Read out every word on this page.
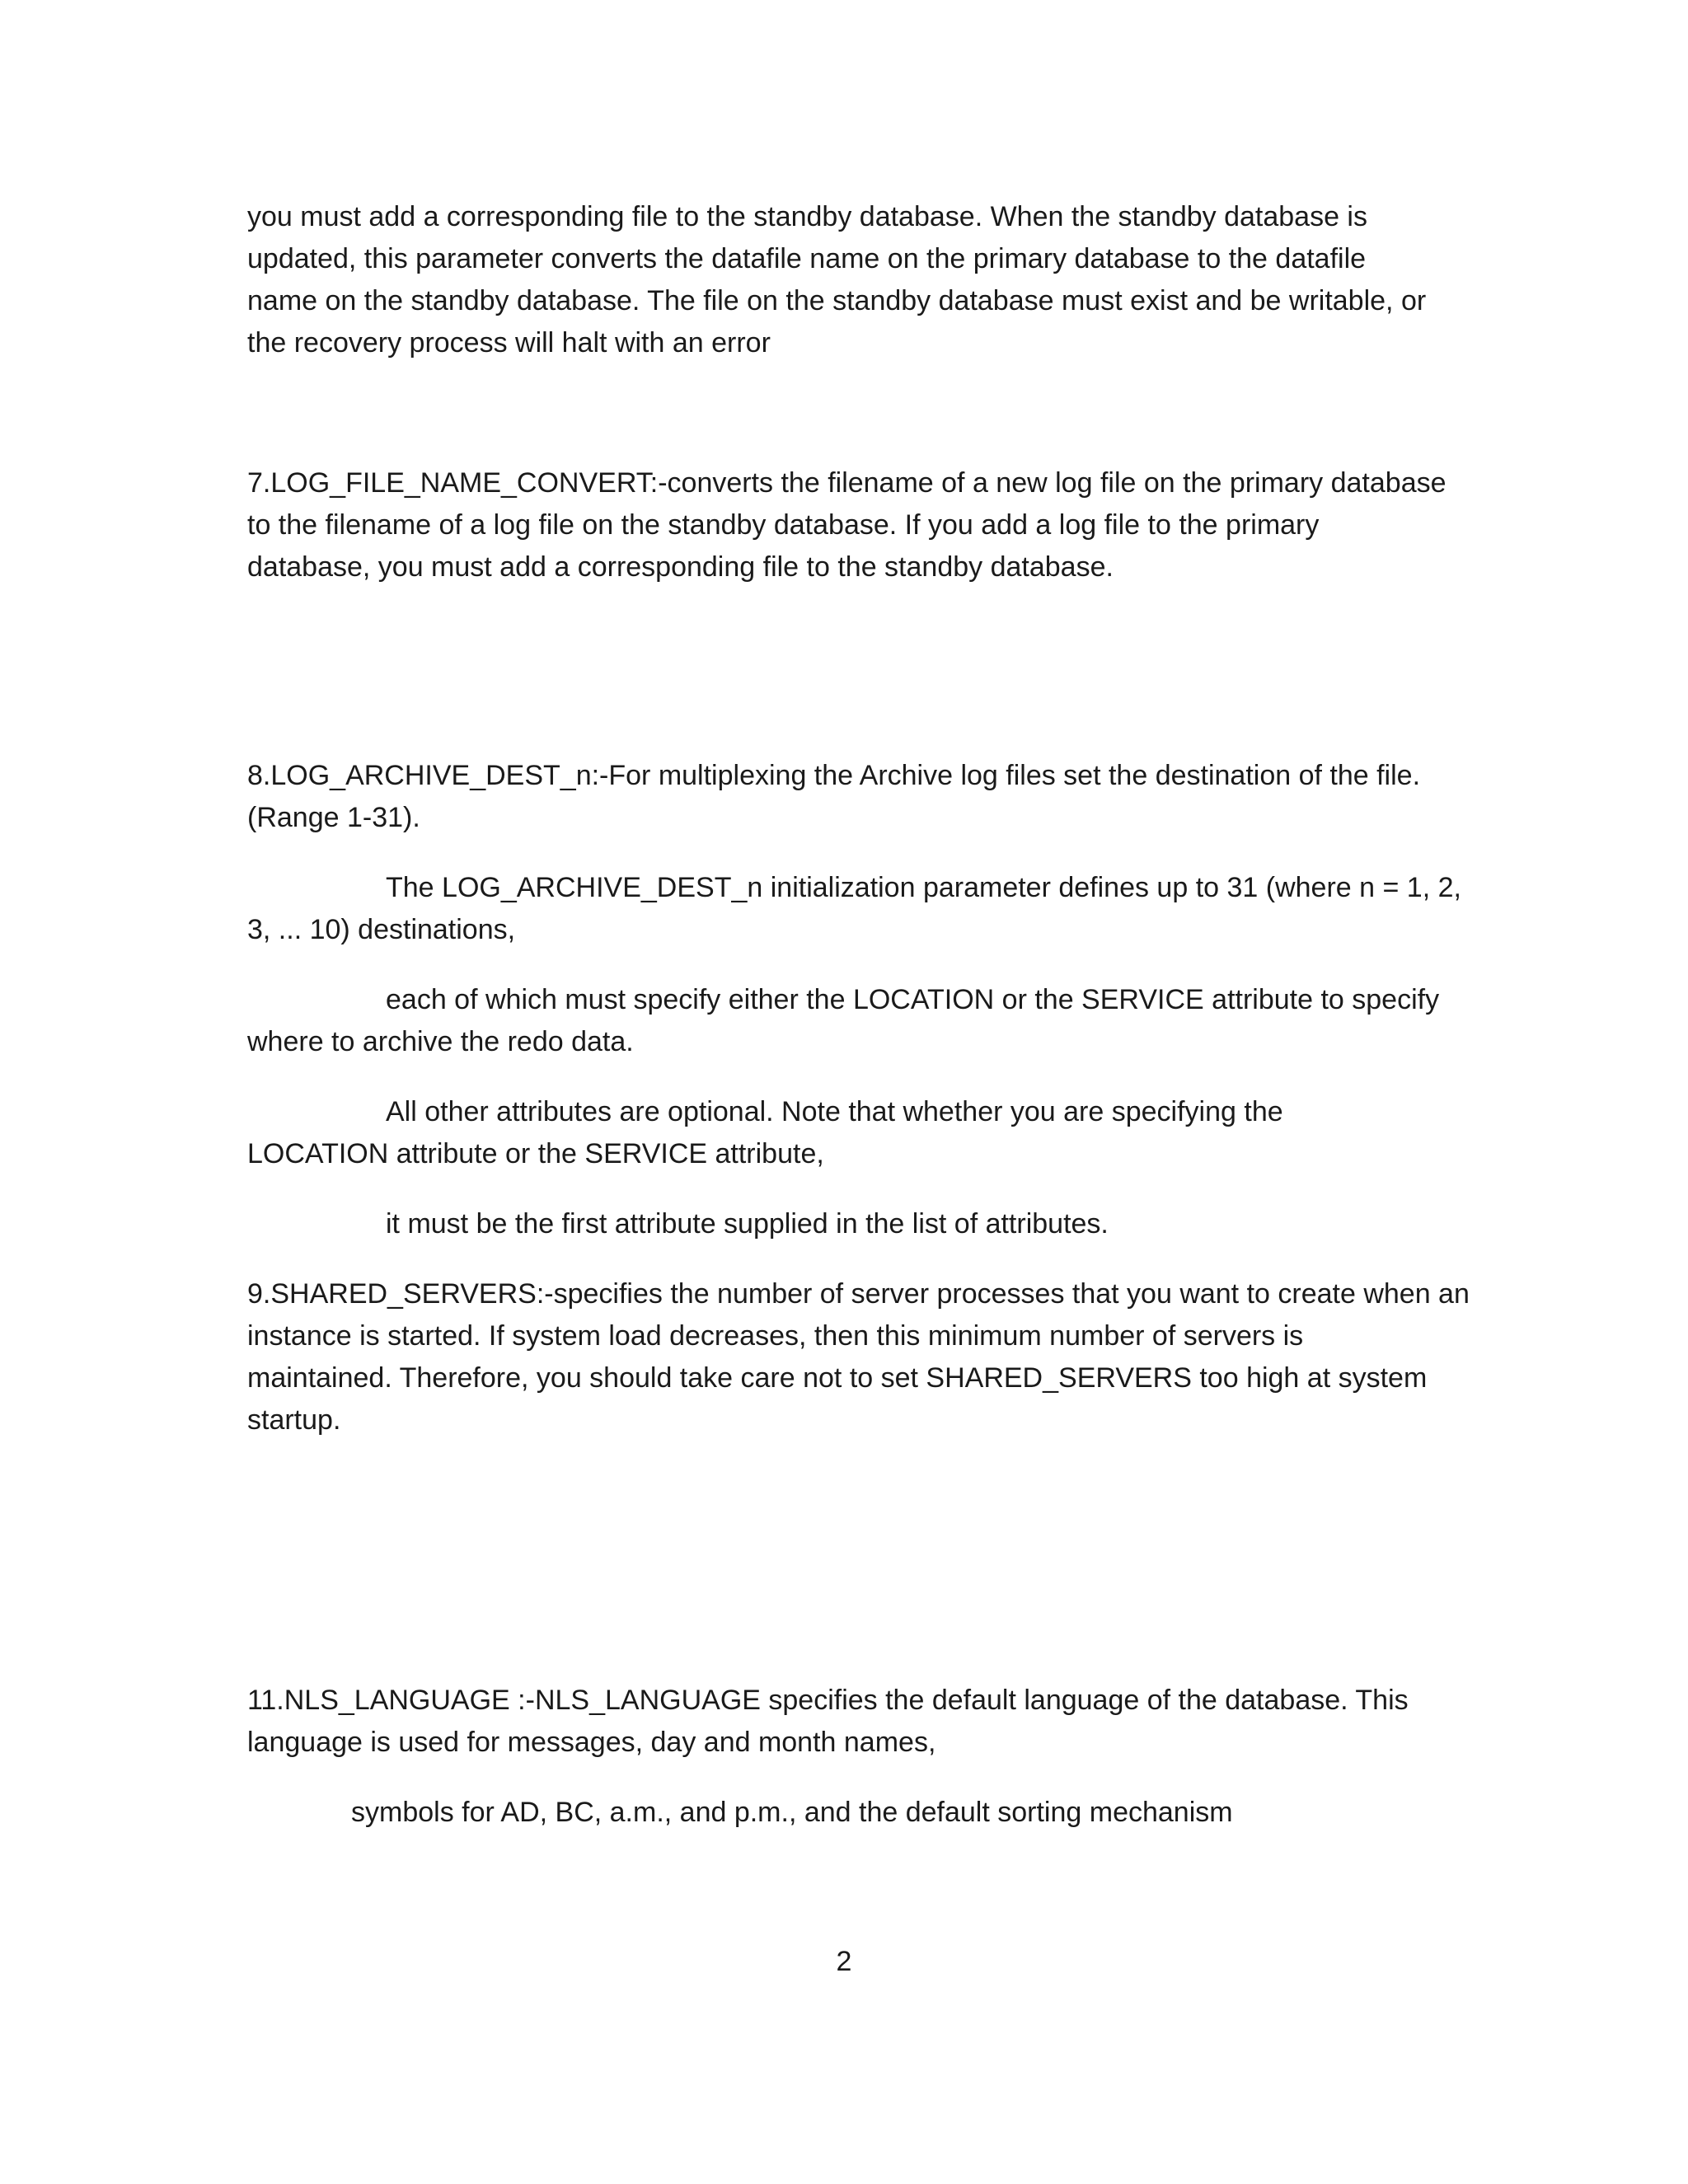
you must add a corresponding file to the standby database. When the standby database is
updated, this parameter converts the datafile name on the primary database to the datafile
name on the standby database. The file on the standby database must exist and be writable, or
the recovery process will halt with an error
7.LOG_FILE_NAME_CONVERT:-converts the filename of a new log file on the primary database
to the filename of a log file on the standby database. If you add a log file to the primary
database, you must add a corresponding file to the standby database.
8.LOG_ARCHIVE_DEST_n:-For multiplexing the Archive log files set the destination of the file.
(Range 1-31).
The LOG_ARCHIVE_DEST_n initialization parameter defines up to 31 (where n = 1, 2,
3, ... 10) destinations,
each of which must specify either the LOCATION or the SERVICE attribute to specify
where to archive the redo data.
All other attributes are optional. Note that whether you are specifying the
LOCATION attribute or the SERVICE attribute,
it must be the first attribute supplied in the list of attributes.
9.SHARED_SERVERS:-specifies the number of server processes that you want to create when an
instance is started. If system load decreases, then this minimum number of servers is
maintained. Therefore, you should take care not to set SHARED_SERVERS too high at system
startup.
11.NLS_LANGUAGE :-NLS_LANGUAGE specifies the default language of the database. This
language is used for messages, day and month names,
symbols for AD, BC, a.m., and p.m., and the default sorting mechanism
2
